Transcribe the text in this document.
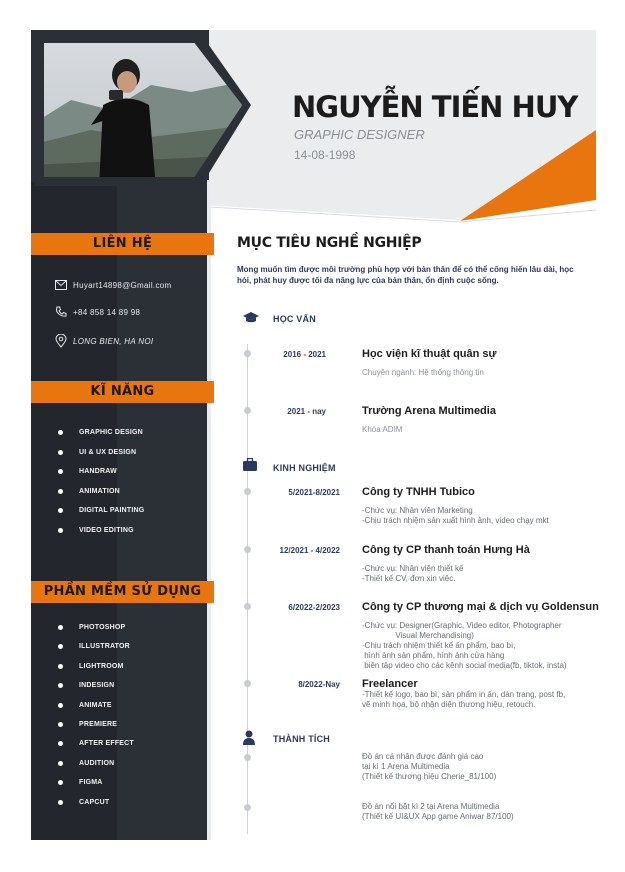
LIÊN HỆ
Huyart14898@Gmail.com
+84 858 14 89 98
LONG BIEN, HA NOI
KĨ NĂNG
GRAPHIC DESIGN
UI & UX DESIGN
HANDRAW
ANIMATION
DIGITAL PAINTING
VIDEO EDITING
PHẦN MỀM SỬ DỤNG
PHOTOSHOP
ILLUSTRATOR
LIGHTROOM
INDESIGN
ANIMATE
PREMIERE
AFTER EFFECT
AUDITION
FIGMA
CAPCUT
NGUYỄN TIẾN HUY
GRAPHIC DESIGNER
14-08-1998
MỤC TIÊU NGHỀ NGHIỆP
Mong muốn tìm được môi trường phù hợp với bản thân để có thể cống hiến lâu dài, học hỏi, phát huy được tối đa năng lực của bản thân, ổn định cuộc sống.
HỌC VẤN
KINH NGHIỆM
THÀNH TÍCH
2016 - 2021	Học viện kĩ thuật quân sự
Chuyên ngành: Hệ thống thông tin
2021 - nay	Trường Arena Multimedia
Khóa ADIM
5/2021-8/2021 Công ty TNHH Tubico
-Chức vụ: Nhân viên Marketing
-Chịu trách nhiệm sản xuất hình ảnh, video chạy mkt
12/2021 - 4/2022 Công ty CP thanh toán Hưng Hà
-Chức vụ: Nhân viên thiết kế
-Thiết kế CV, đơn xin việc.
6/2022-2/2023 Công ty CP thương mại & dịch vụ Goldensun
-Chức vụ: Designer(Graphic, Video editor, Photographer
Visual Merchandising)
-Chịu trách nhiệm thiết kế ấn phẩm, bao bì,
hình ảnh sản phẩm, hình ảnh cửa hàng
biên tập video cho các kênh social media(fb, tiktok, insta)
8/2022-Nay Freelancer
-Thiết kế logo, bao bì, sản phẩm in ấn, dàn trang, post fb,
vẽ minh họa, bộ nhận diện thương hiệu, retouch.
Đồ án cá nhân được đánh giá cao
tại kì 1 Arena Multimedia
(Thiết kế thương hiệu Cherie_81/100)
Đồ án nổi bật kì 2 tại Arena Multimedia
(Thiết kế UI&UX App game Aniwar 87/100)
